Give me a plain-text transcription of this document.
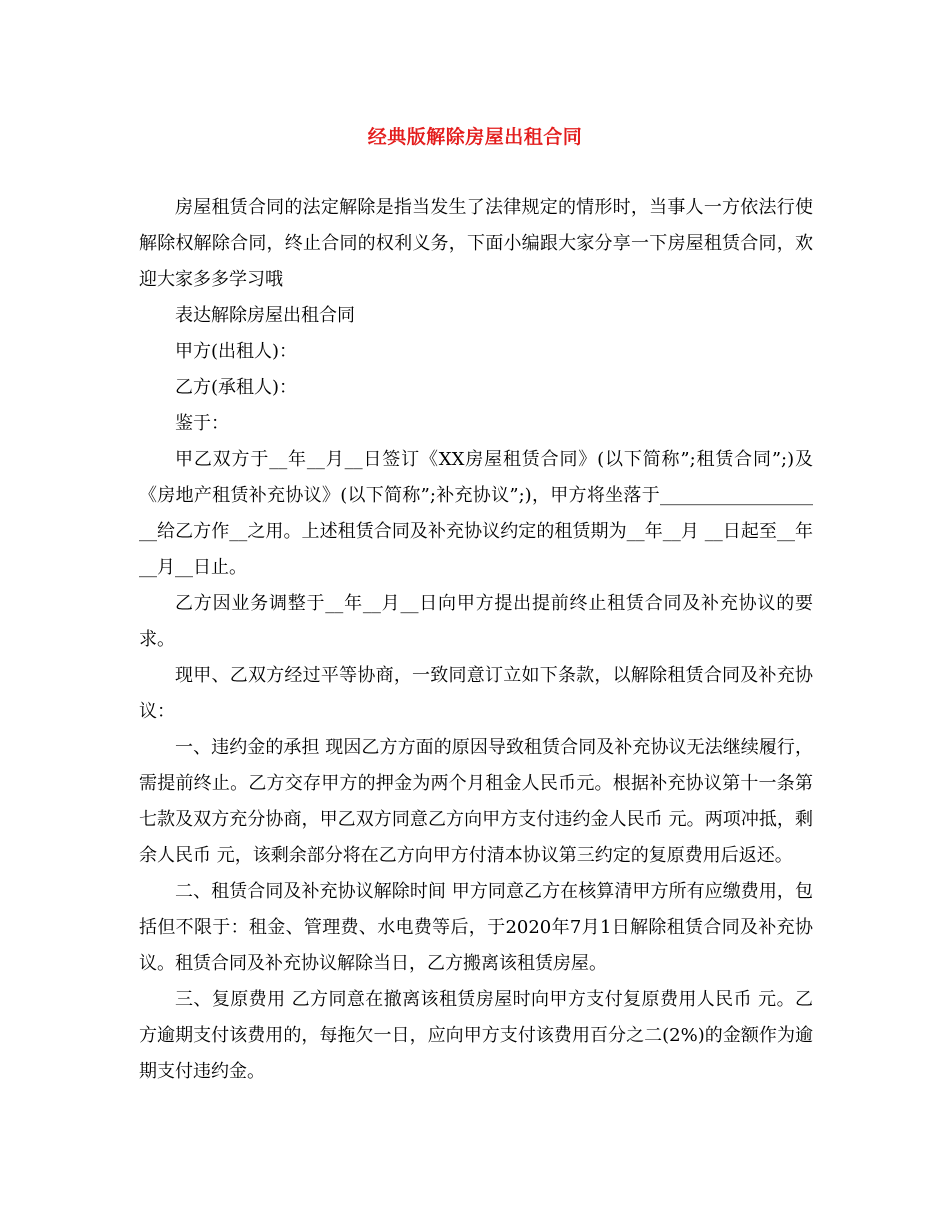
经典版解除房屋出租合同

房屋租赁合同的法定解除是指当发生了法律规定的情形时，当事人一方依法行使解除权解除合同，终止合同的权利义务，下面小编跟大家分享一下房屋租赁合同，欢迎大家多多学习哦

表达解除房屋出租合同

甲方(出租人)：

乙方(承租人)：

鉴于：

甲乙双方于__年__月__日签订《XX房屋租赁合同》(以下简称”;租赁合同”;)及《房地产租赁补充协议》(以下简称”;补充协议”;)，甲方将坐落于___________________给乙方作__之用。上述租赁合同及补充协议约定的租赁期为__年__月 __日起至__年__月__日止。

乙方因业务调整于__年__月__日向甲方提出提前终止租赁合同及补充协议的要求。

现甲、乙双方经过平等协商，一致同意订立如下条款，以解除租赁合同及补充协议：

一、违约金的承担 现因乙方方面的原因导致租赁合同及补充协议无法继续履行，需提前终止。乙方交存甲方的押金为两个月租金人民币元。根据补充协议第十一条第七款及双方充分协商，甲乙双方同意乙方向甲方支付违约金人民币 元。两项冲抵，剩余人民币 元，该剩余部分将在乙方向甲方付清本协议第三约定的复原费用后返还。

二、租赁合同及补充协议解除时间 甲方同意乙方在核算清甲方所有应缴费用，包括但不限于：租金、管理费、水电费等后，于2020年7月1日解除租赁合同及补充协议。租赁合同及补充协议解除当日，乙方搬离该租赁房屋。

三、复原费用 乙方同意在撤离该租赁房屋时向甲方支付复原费用人民币 元。乙方逾期支付该费用的，每拖欠一日，应向甲方支付该费用百分之二(2%)的金额作为逾期支付违约金。
